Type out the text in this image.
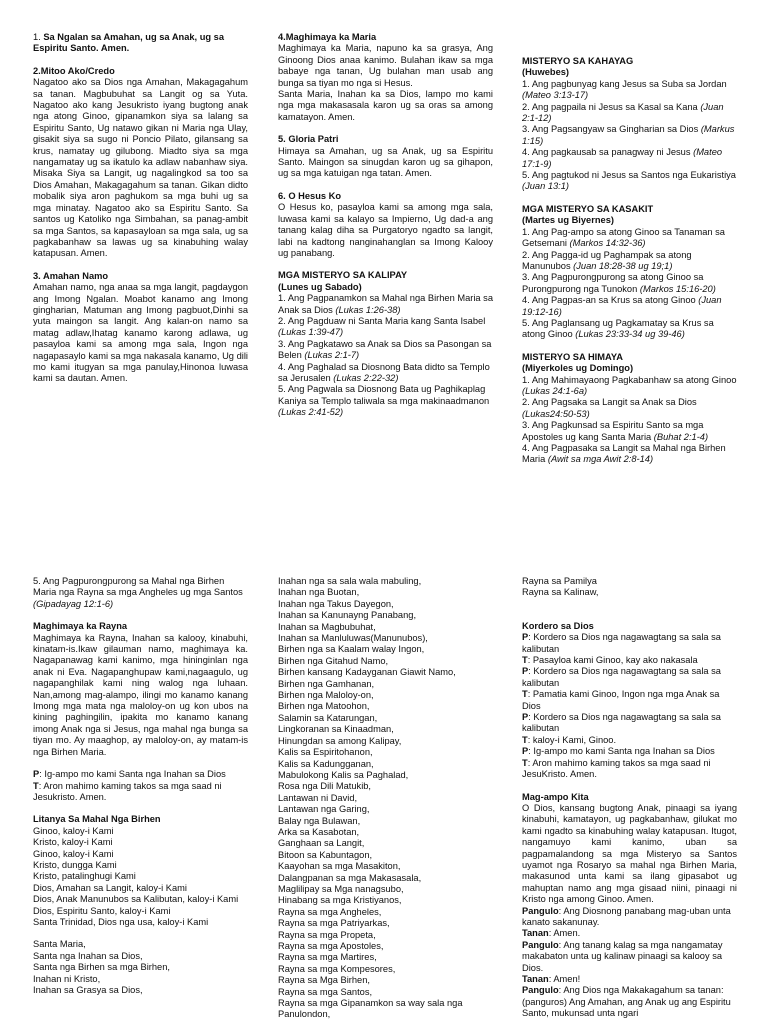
1. Sa Ngalan sa Amahan, ug sa Anak, ug sa Espiritu Santo. Amen.
2.Mitoo Ako/Credo
Nagatoo ako sa Dios nga Amahan, Makagagahum sa tanan. Magbubuhat sa Langit og sa Yuta. Nagatoo ako kang Jesukristo iyang bugtong anak nga atong Ginoo, gipanamkon siya sa lalang sa Espiritu Santo, Ug natawo gikan ni Maria nga Ulay, gisakit siya sa sugo ni Poncio Pilato, gilansang sa krus, namatay ug gilubong. Miadto siya sa mga nangamatay ug sa ikatulo ka adlaw nabanhaw siya. Misaka Siya sa Langit, ug nagalingkod sa too sa Dios Amahan, Makagagahum sa tanan. Gikan didto mobalik siya aron paghukom sa mga buhi ug sa mga minatay. Nagatoo ako sa Espiritu Santo. Sa santos ug Katoliko nga Simbahan, sa panag-ambit sa mga Santos, sa kapasayloan sa mga sala, ug sa pagkabanhaw sa lawas ug sa kinabuhing walay katapusan. Amen.
3. Amahan Namo
Amahan namo, nga anaa sa mga langit, pagdaygon ang Imong Ngalan. Moabot kanamo ang Imong gingharian, Matuman ang Imong pagbuot,Dinhi sa yuta maingon sa langit. Ang kalan-on namo sa matag adlaw,Ihatag kanamo karong adlawa, ug pasayloa kami sa among mga sala, Ingon nga nagapasaylo kami sa mga nakasala kanamo, Ug dili mo kami itugyan sa mga panulay,Hinonoa luwasa kami sa dautan. Amen.
4.Maghimaya ka Maria
Maghimaya ka Maria, napuno ka sa grasya, Ang Ginoong Dios anaa kanimo. Bulahan ikaw sa mga babaye nga tanan, Ug bulahan man usab ang bunga sa tiyan mo nga si Hesus.
Santa Maria, Inahan ka sa Dios, lampo mo kami nga mga makasasala karon ug sa oras sa among kamatayon. Amen.
5. Gloria Patri
Himaya sa Amahan, ug sa Anak, ug sa Espiritu Santo. Maingon sa sinugdan karon ug sa gihapon, ug sa mga katuigan nga tatan. Amen.
6. O Hesus Ko
O Hesus ko, pasayloa kami sa among mga sala, luwasa kami sa kalayo sa Impierno, Ug dad-a ang tanang kalag diha sa Purgatoryo ngadto sa langit, labi na kadtong nanginahanglan sa Imong Kalooy ug panabang.
MGA MISTERYO SA KALIPAY
(Lunes ug Sabado)
1. Ang Pagpanamkon sa Mahal nga Birhen Maria sa Anak sa Dios (Lukas 1:26-38)
2. Ang Pagduaw ni Santa Maria kang Santa Isabel (Lukas 1:39-47)
3. Ang Pagkatawo sa Anak sa Dios sa Pasongan sa Belen (Lukas 2:1-7)
4. Ang Paghalad sa Diosnong Bata didto sa Templo sa Jerusalen (Lukas 2:22-32)
5. Ang Pagwala sa Diosnong Bata ug Paghikaplag Kaniya sa Templo taliwala sa mga makinaadmanon (Lukas 2:41-52)
MISTERYO SA KAHAYAG
(Huwebes)
1. Ang pagbunyag kang Jesus sa Suba sa Jordan (Mateo 3:13-17)
2. Ang pagpaila ni Jesus sa Kasal sa Kana (Juan 2:1-12)
3. Ang Pagsangyaw sa Gingharian sa Dios (Markus 1:15)
4. Ang pagkausab sa panagway ni Jesus (Mateo 17:1-9)
5. Ang pagtukod ni Jesus sa Santos nga Eukaristiya (Juan 13:1)
MGA MISTERYO SA KASAKIT
(Martes ug Biyernes)
1. Ang Pag-ampo sa atong Ginoo sa Tanaman sa Getsemani (Markos 14:32-36)
2. Ang Pagga-id ug Paghampak sa atong Manunubos (Juan 18:28-38 ug 19;1)
3. Ang Pagpurongpurong sa atong Ginoo sa Purongpurong nga Tunokon (Markos 15:16-20)
4. Ang Pagpas-an sa Krus sa atong Ginoo (Juan 19:12-16)
5. Ang Paglansang ug Pagkamatay sa Krus sa atong Ginoo (Lukas 23:33-34 ug 39-46)
MISTERYO SA HIMAYA
(Miyerkoles ug Domingo)
1. Ang Mahimayaong Pagkabanhaw sa atong Ginoo (Lukas 24:1-6a)
2. Ang Pagsaka sa Langit sa Anak sa Dios (Lukas24:50-53)
3. Ang Pagkunsad sa Espiritu Santo sa mga Apostoles ug kang Santa Maria (Buhat 2:1-4)
4. Ang Pagpasaka sa Langit sa Mahal nga Birhen Maria (Awit sa mga Awit 2:8-14)
5. Ang Pagpurongpurong sa Mahal nga Birhen Maria nga Rayna sa mga Angheles ug mga Santos (Gipadayag 12:1-6)
Maghimaya ka Rayna
Maghimaya ka Rayna, Inahan sa kalooy, kinabuhi, kinatam-is.Ikaw gilauman namo, maghimaya ka. Nagapanawag kami kanimo, mga hininginlan nga anak ni Eva. Nagapanghupaw kami,nagaagulo, ug nagapanghilak kami ning walog nga luhaan. Nan,among mag-alampo, ilingi mo kanamo kanang Imong mga mata nga maloloy-on ug kon ubos na kining paghingilin, ipakita mo kanamo kanang imong Anak nga si Jesus, nga mahal nga bunga sa tiyan mo. Ay maaghop, ay maloloy-on, ay matam-is nga Birhen Maria.
P: Ig-ampo mo kami Santa nga Inahan sa Dios
T: Aron mahimo kaming takos sa mga saad ni Jesukristo. Amen.
Litanya Sa Mahal Nga Birhen
Ginoo, kaloy-i Kami
Kristo, kaloy-i Kami
Ginoo, kaloy-i Kami
Kristo, dungga Kami
Kristo, patalinghugi Kami
Dios, Amahan sa Langit, kaloy-i Kami
Dios, Anak Manunubos sa Kalibutan, kaloy-i Kami
Dios, Espiritu Santo, kaloy-i Kami
Santa Trinidad, Dios nga usa, kaloy-i Kami
Santa Maria,
Santa nga Inahan sa Dios,
Santa nga Birhen sa mga Birhen,
Inahan ni Kristo,
Inahan sa Grasya sa Dios,
Inahan nga sa sala wala mabuling,
Inahan nga Buotan,
Inahan nga Takus Dayegon,
Inahan sa Kanunayng Panabang,
Inahan sa Magbubuhat,
Inahan sa Manluluwas(Manunubos),
Birhen nga sa Kaalam walay Ingon,
Birhen nga Gitahud Namo,
Birhen kansang Kadayganan Giawit Namo,
Birhen nga Gamhanan,
Birhen nga Maloloy-on,
Birhen nga Matoohon,
Salamin sa Katarungan,
Lingkoranan sa Kinaadman,
Hinungdan sa among Kalipay,
Kalis sa Espiritohanon,
Kalis sa Kadungganan,
Mabulokong Kalis sa Paghalad,
Rosa nga Dili Matukib,
Lantawan ni David,
Lantawan nga Garing,
Balay nga Bulawan,
Arka sa Kasabotan,
Ganghaan sa Langit,
Bitoon sa Kabuntagon,
Kaayohan sa mga Masakiton,
Dalangpanan sa mga Makasasala,
Maglilipay sa Mga nanagsubo,
Hinabang sa mga Kristiyanos,
Rayna sa mga Angheles,
Rayna sa mga Patriyarkas,
Rayna sa mga Propeta,
Rayna sa mga Apostoles,
Rayna sa mga Martires,
Rayna sa mga Kompesores,
Rayna sa Mga Birhen,
Rayna sa mga Santos,
Rayna sa mga Gipanamkon sa way sala nga Panulondon,
Rayna sa Pamilya
Rayna sa Kalinaw,
Kordero sa Dios
P: Kordero sa Dios nga nagawagtang sa sala sa kalibutan
T: Pasayloa kami Ginoo, kay ako nakasala
P: Kordero sa Dios nga nagawagtang sa sala sa kalibutan
T: Pamatia kami Ginoo, Ingon nga mga Anak sa Dios
P: Kordero sa Dios nga nagawagtang sa sala sa kalibutan
T: kaloy-i Kami, Ginoo.
P: Ig-ampo mo kami Santa nga Inahan sa Dios
T: Aron mahimo kaming takos sa mga saad ni JesuKristo. Amen.
Mag-ampo Kita
O Dios, kansang bugtong Anak, pinaagi sa iyang kinabuhi, kamatayon, ug pagkabanhaw, gilukat mo kami ngadto sa kinabuhing walay katapusan. Itugot, nangamuyo kami kanimo, uban sa pagpamalandong sa mga Misteryo sa Santos uyamot nga Rosaryo sa mahal nga Birhen Maria, makasunod unta kami sa ilang gipasabot ug mahuptan namo ang mga gisaad niini, pinaagi ni Kristo nga among Ginoo. Amen.
Pangulo: Ang Diosnong panabang mag-uban unta kanato sakanunay.
Tanan: Amen.
Pangulo: Ang tanang kalag sa mga nangamatay makabaton unta ug kalinaw pinaagi sa kalooy sa Dios.
Tanan: Amen!
Pangulo: Ang Dios nga Makakagahum sa tanan: (panguros) Ang Amahan, ang Anak ug ang Espiritu Santo, mukunsad unta ngari
